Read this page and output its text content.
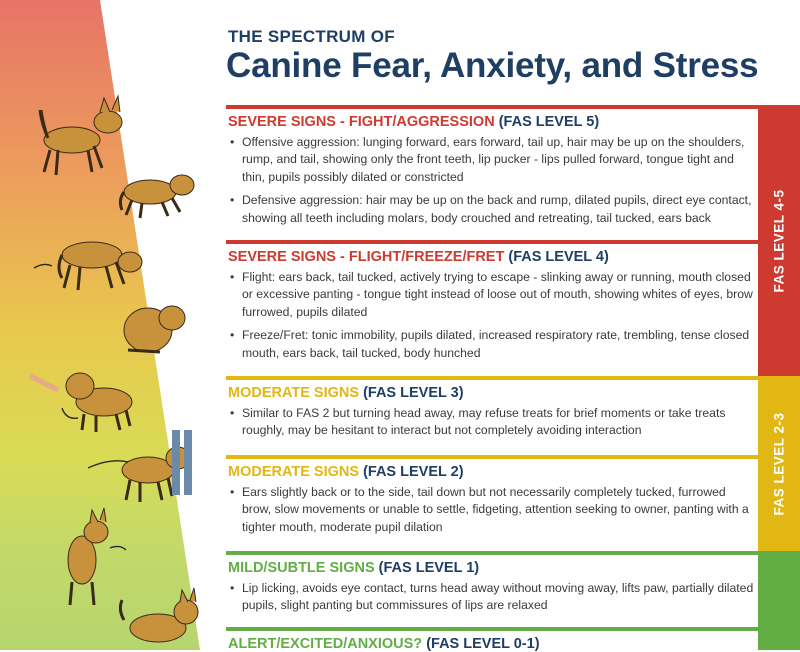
THE SPECTRUM OF
Canine Fear, Anxiety, and Stress
SEVERE SIGNS - FIGHT/AGGRESSION (FAS LEVEL 5)
• Offensive aggression: lunging forward, ears forward, tail up, hair may be up on the shoulders, rump, and tail, showing only the front teeth, lip pucker - lips pulled forward, tongue tight and thin, pupils possibly dilated or constricted
• Defensive aggression: hair may be up on the back and rump, dilated pupils, direct eye contact, showing all teeth including molars, body crouched and retreating, tail tucked, ears back
SEVERE SIGNS - FLIGHT/FREEZE/FRET (FAS LEVEL 4)
• Flight: ears back, tail tucked, actively trying to escape - slinking away or running, mouth closed or excessive panting - tongue tight instead of loose out of mouth, showing whites of eyes, brow furrowed, pupils dilated
• Freeze/Fret: tonic immobility, pupils dilated, increased respiratory rate, trembling, tense closed mouth, ears back, tail tucked, body hunched
MODERATE SIGNS (FAS LEVEL 3)
• Similar to FAS 2 but turning head away, may refuse treats for brief moments or take treats roughly, may be hesitant to interact but not completely avoiding interaction
MODERATE SIGNS (FAS LEVEL 2)
• Ears slightly back or to the side, tail down but not necessarily completely tucked, furrowed brow, slow movements or unable to settle, fidgeting, attention seeking to owner, panting with a tighter mouth, moderate pupil dilation
MILD/SUBTLE SIGNS (FAS LEVEL 1)
• Lip licking, avoids eye contact, turns head away without moving away, lifts paw, partially dilated pupils, slight panting but commissures of lips are relaxed
ALERT/EXCITED/ANXIOUS? (FAS LEVEL 0-1)
FAS LEVEL 4-5
FAS LEVEL 2-3
